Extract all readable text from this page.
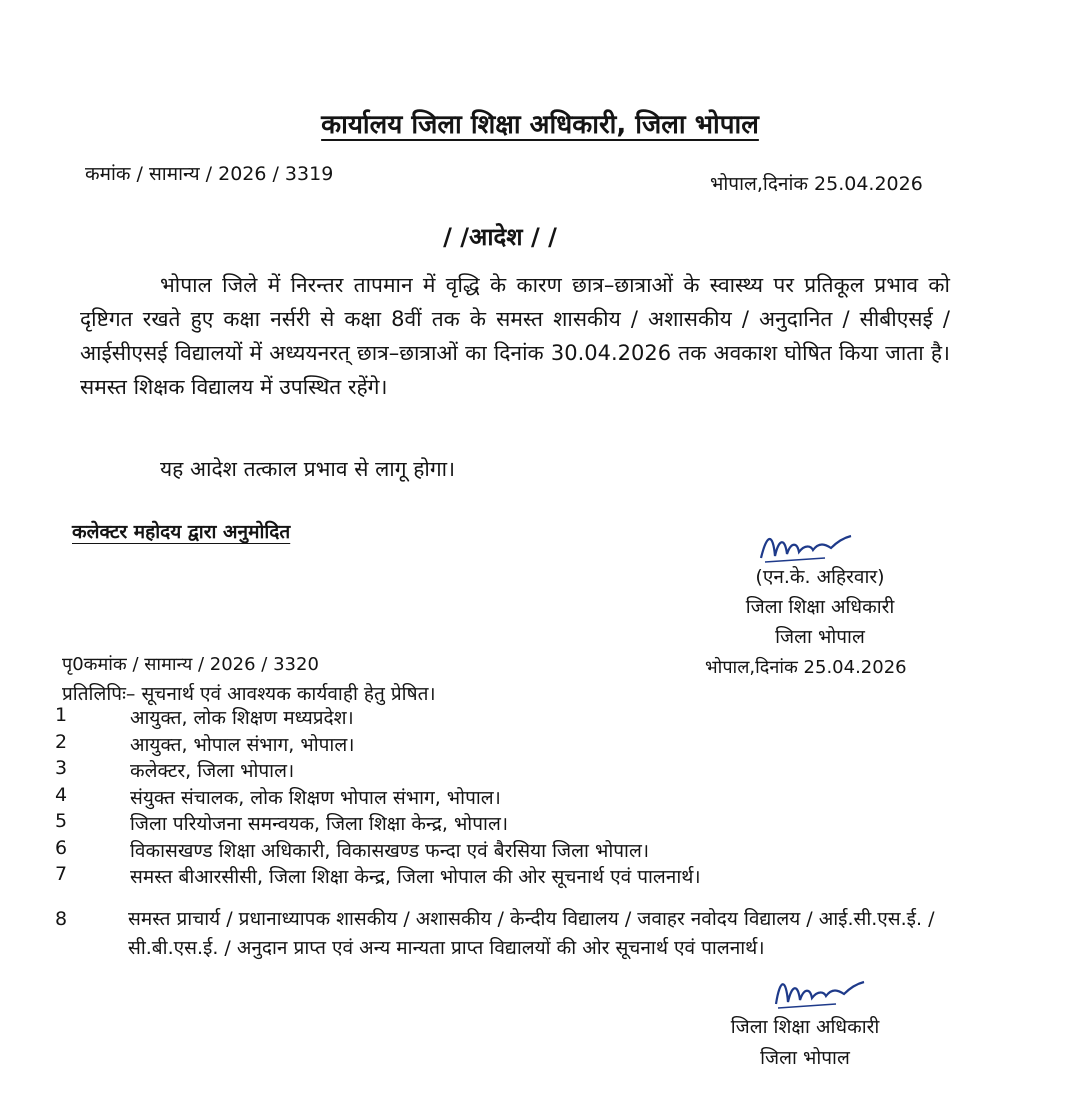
कार्यालय जिला शिक्षा अधिकारी, जिला भोपाल
कमांक / सामान्य / 2026 / 3319	भोपाल,दिनांक 25.04.2026
/ /आदेश / /
भोपाल जिले में निरन्तर तापमान में वृद्धि के कारण छात्र–छात्राओं के स्वास्थ्य पर प्रतिकूल प्रभाव को दृष्टिगत रखते हुए कक्षा नर्सरी से कक्षा 8वीं तक के समस्त शासकीय / अशासकीय / अनुदानित / सीबीएसई / आईसीएसई विद्यालयों में अध्ययनरत् छात्र–छात्राओं का दिनांक 30.04.2026 तक अवकाश घोषित किया जाता है। समस्त शिक्षक विद्यालय में उपस्थित रहेंगे।
यह आदेश तत्काल प्रभाव से लागू होगा।
कलेक्टर महोदय द्वारा अनुमोदित
(एन.के. अहिरवार)
जिला शिक्षा अधिकारी
जिला भोपाल
पृ0कमांक / सामान्य / 2026 / 3320	भोपाल,दिनांक 25.04.2026
प्रतिलिपिः– सूचनार्थ एवं आवश्यक कार्यवाही हेतु प्रेषित।
1	आयुक्त, लोक शिक्षण मध्यप्रदेश।
2	आयुक्त, भोपाल संभाग, भोपाल।
3	कलेक्टर, जिला भोपाल।
4	संयुक्त संचालक, लोक शिक्षण भोपाल संभाग, भोपाल।
5	जिला परियोजना समन्वयक, जिला शिक्षा केन्द्र, भोपाल।
6	विकासखण्ड शिक्षा अधिकारी, विकासखण्ड फन्दा एवं बैरसिया जिला भोपाल।
7	समस्त बीआरसीसी, जिला शिक्षा केन्द्र, जिला भोपाल की ओर सूचनार्थ एवं पालनार्थ।
8	समस्त प्राचार्य / प्रधानाध्यापक शासकीय / अशासकीय / केन्दीय विद्यालय / जवाहर नवोदय विद्यालय / आई.सी.एस.ई. / सी.बी.एस.ई. / अनुदान प्राप्त एवं अन्य मान्यता प्राप्त विद्यालयों की ओर सूचनार्थ एवं पालनार्थ।
जिला शिक्षा अधिकारी
जिला भोपाल
